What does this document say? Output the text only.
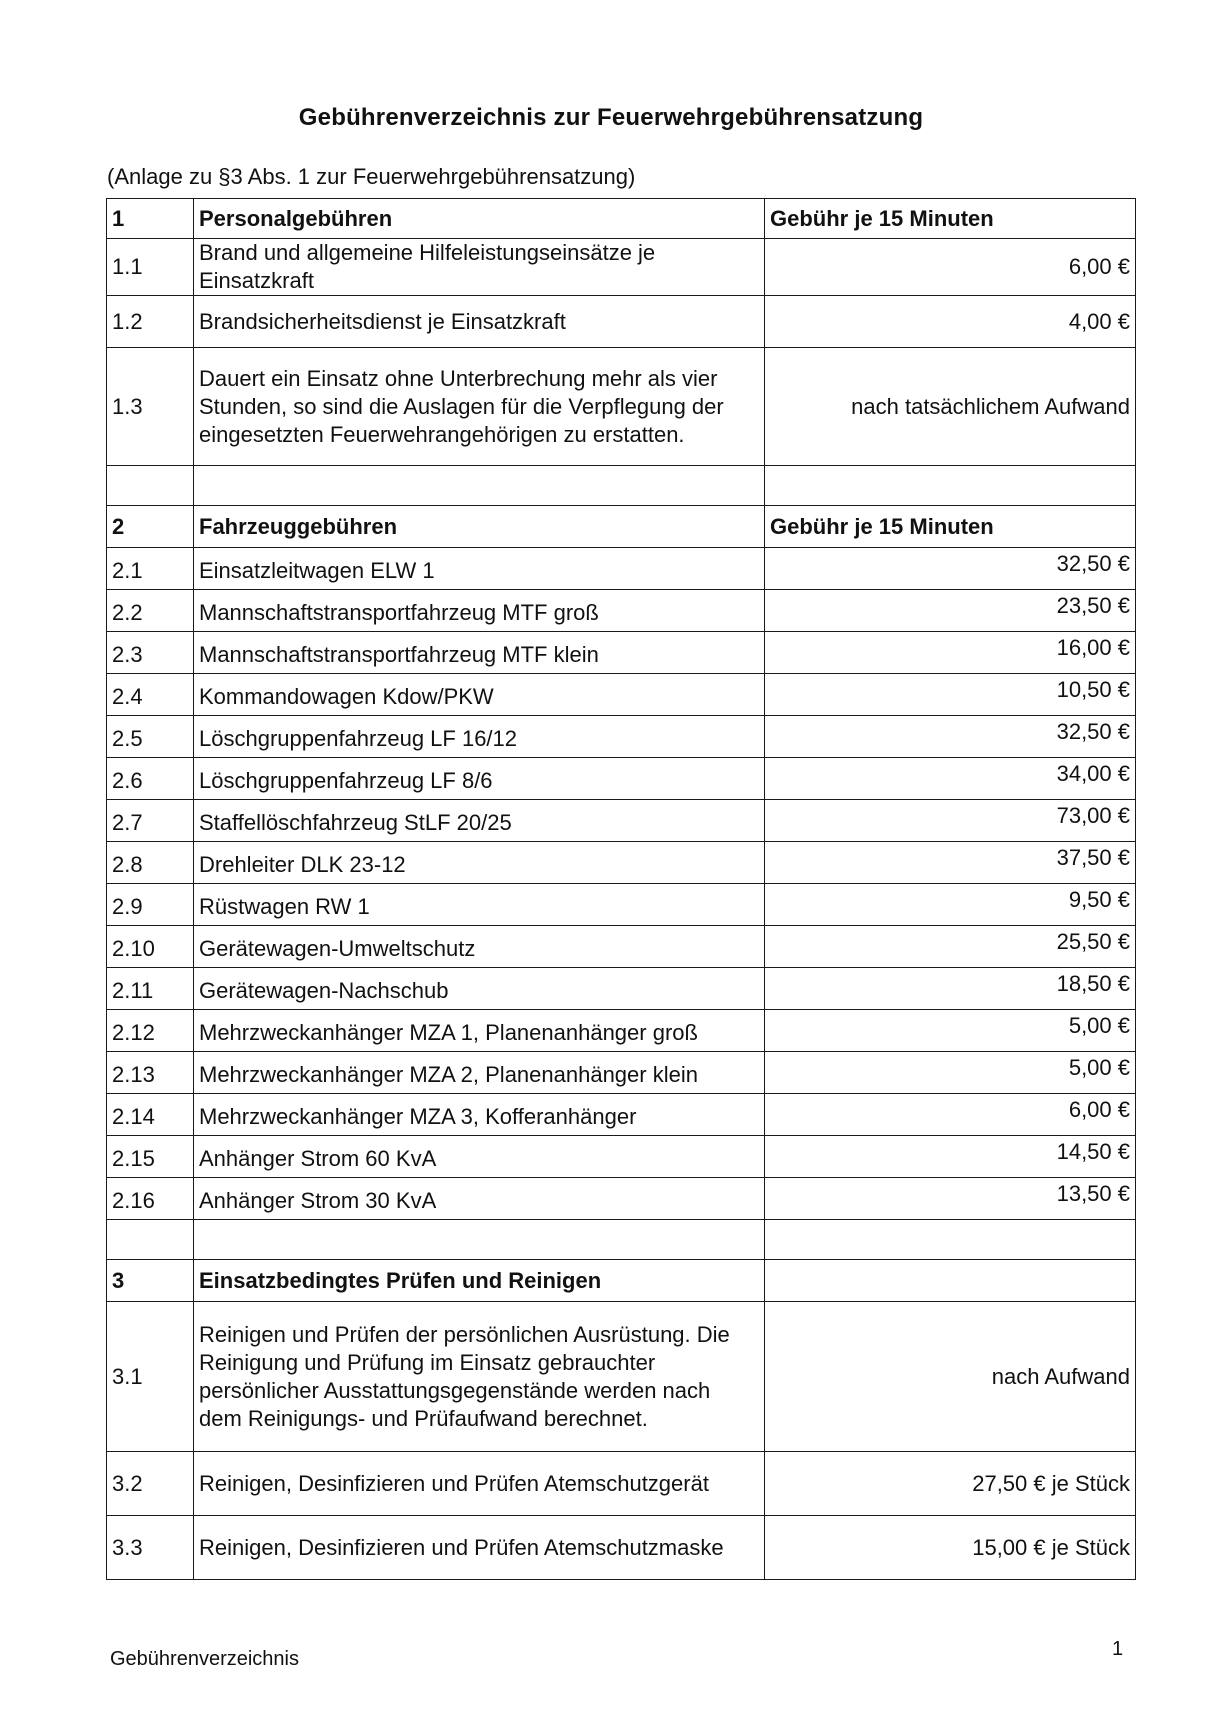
Gebührenverzeichnis zur Feuerwehrgebührensatzung
(Anlage zu §3 Abs. 1 zur Feuerwehrgebührensatzung)
1	Personalgebühren	Gebühr je 15 Minuten
1.1	Brand und allgemeine Hilfeleistungseinsätze je Einsatzkraft	6,00 €
1.2	Brandsicherheitsdienst je Einsatzkraft	4,00 €
1.3	Dauert ein Einsatz ohne Unterbrechung mehr als vier Stunden, so sind die Auslagen für die Verpflegung der eingesetzten Feuerwehrangehörigen zu erstatten.	nach tatsächlichem Aufwand

2	Fahrzeuggebühren	Gebühr je 15 Minuten
2.1	Einsatzleitwagen ELW 1	32,50 €
2.2	Mannschaftstransportfahrzeug MTF groß	23,50 €
2.3	Mannschaftstransportfahrzeug MTF klein	16,00 €
2.4	Kommandowagen Kdow/PKW	10,50 €
2.5	Löschgruppenfahrzeug LF 16/12	32,50 €
2.6	Löschgruppenfahrzeug LF 8/6	34,00 €
2.7	Staffellöschfahrzeug StLF 20/25	73,00 €
2.8	Drehleiter DLK 23-12	37,50 €
2.9	Rüstwagen RW 1	9,50 €
2.10	Gerätewagen-Umweltschutz	25,50 €
2.11	Gerätewagen-Nachschub	18,50 €
2.12	Mehrzweckanhänger MZA 1, Planenanhänger groß	5,00 €
2.13	Mehrzweckanhänger MZA 2, Planenanhänger klein	5,00 €
2.14	Mehrzweckanhänger MZA 3, Kofferanhänger	6,00 €
2.15	Anhänger Strom 60 KvA	14,50 €
2.16	Anhänger Strom 30 KvA	13,50 €

3	Einsatzbedingtes Prüfen und Reinigen	
3.1	Reinigen und Prüfen der persönlichen Ausrüstung. Die Reinigung und Prüfung im Einsatz gebrauchter persönlicher Ausstattungsgegenstände werden nach dem Reinigungs- und Prüfaufwand berechnet.	nach Aufwand
3.2	Reinigen, Desinfizieren und Prüfen Atemschutzgerät	27,50 € je Stück
3.3	Reinigen, Desinfizieren und Prüfen Atemschutzmaske	15,00 € je Stück
Gebührenverzeichnis	1
